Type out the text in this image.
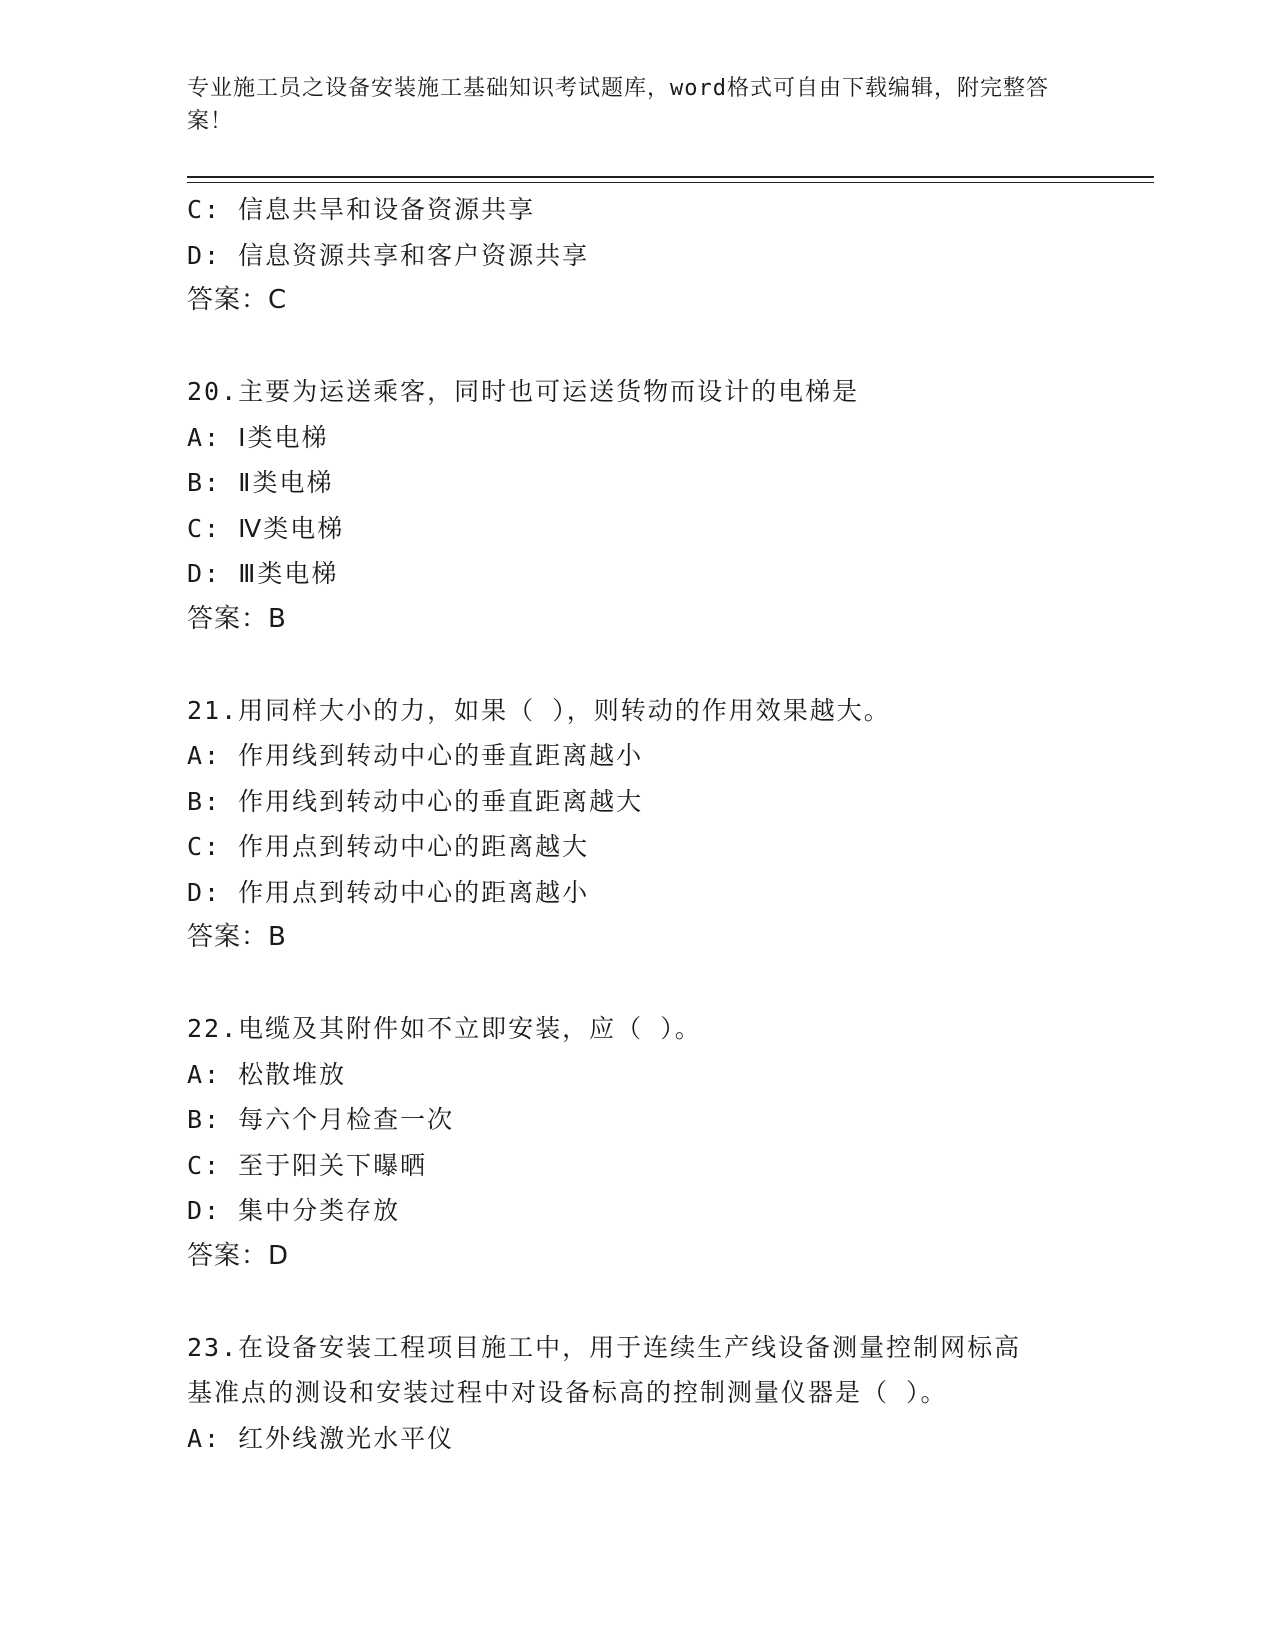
专业施工员之设备安装施工基础知识考试题库，word格式可自由下载编辑，附完整答案！
C: 信息共旱和设备资源共享
D: 信息资源共享和客户资源共享
答案：C
20.主要为运送乘客，同时也可运送货物而设计的电梯是
A: Ⅰ类电梯
B: Ⅱ类电梯
C: Ⅳ类电梯
D: Ⅲ类电梯
答案：B
21.用同样大小的力，如果（ ），则转动的作用效果越大。
A: 作用线到转动中心的垂直距离越小
B: 作用线到转动中心的垂直距离越大
C: 作用点到转动中心的距离越大
D: 作用点到转动中心的距离越小
答案：B
22.电缆及其附件如不立即安装，应（ ）。
A: 松散堆放
B: 每六个月检查一次
C: 至于阳关下曝晒
D: 集中分类存放
答案：D
23.在设备安装工程项目施工中，用于连续生产线设备测量控制网标高
基准点的测设和安装过程中对设备标高的控制测量仪器是（ ）。
A: 红外线激光水平仪
